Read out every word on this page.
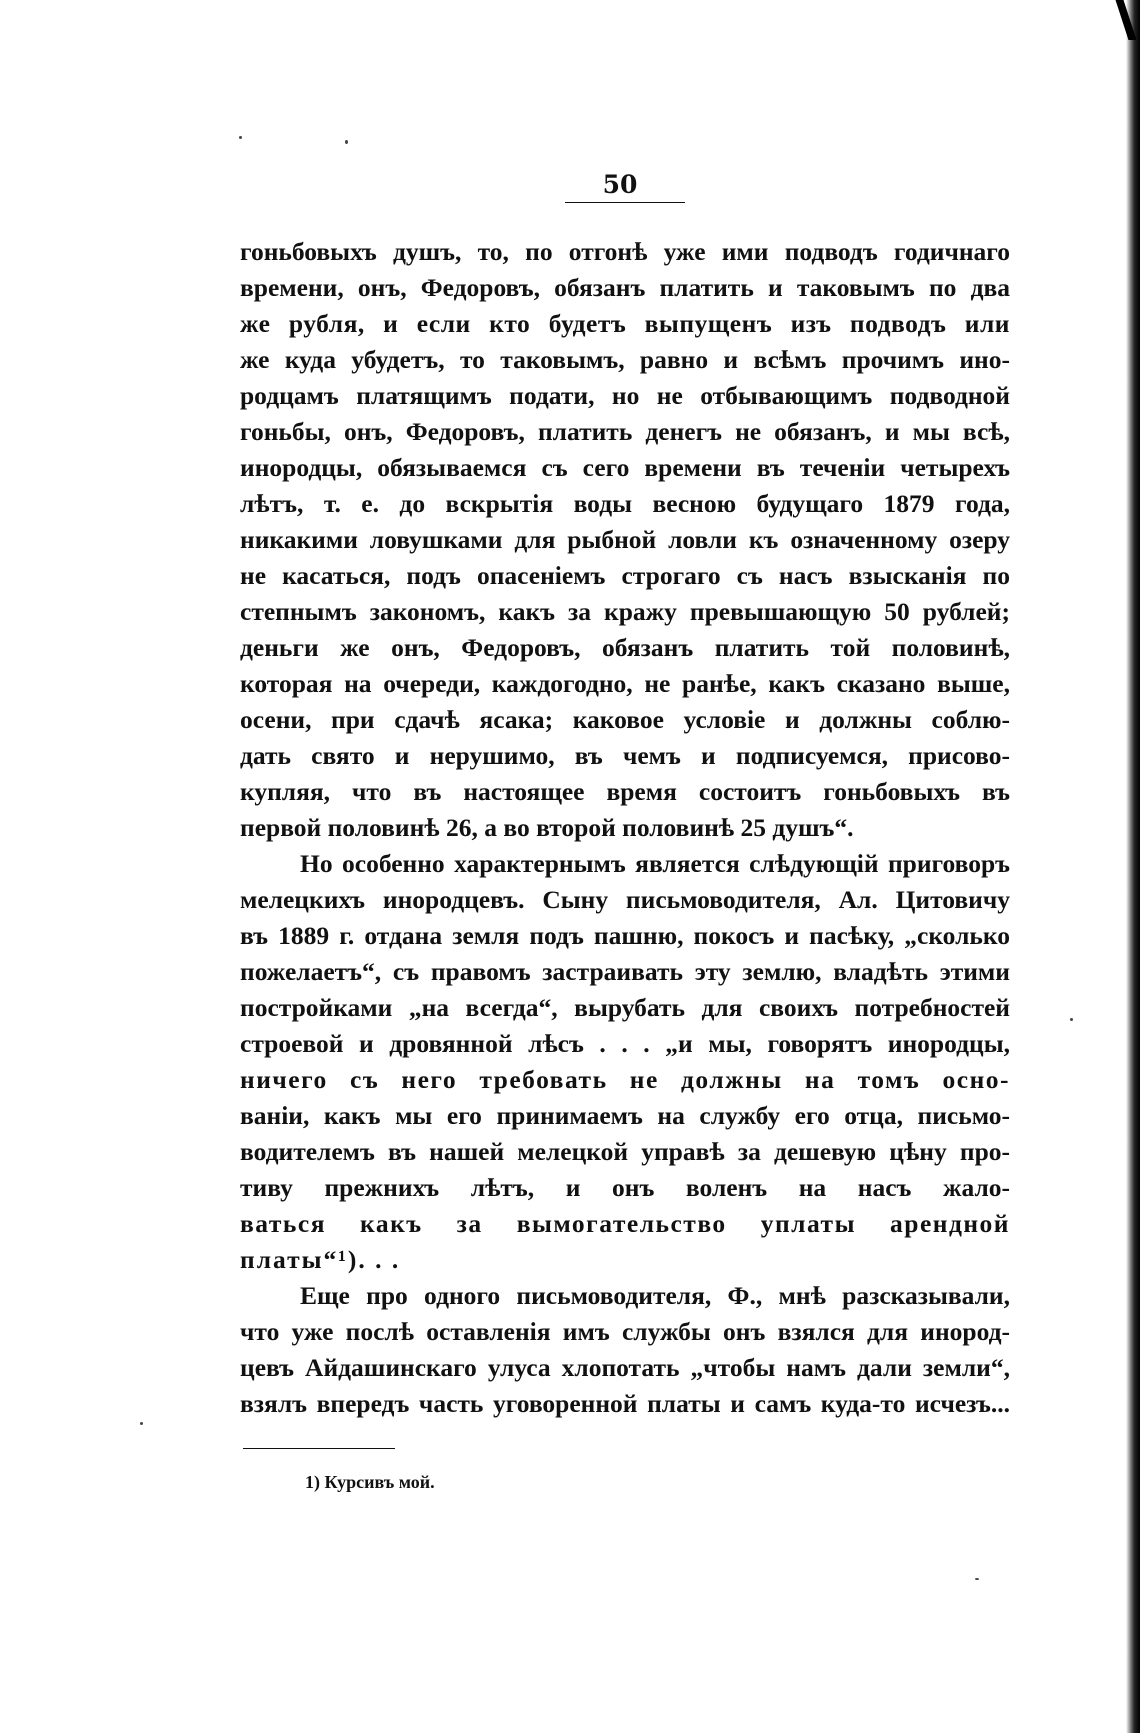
50
гоньбовыхъ душъ, то, по отгонѣ уже ими подводъ годичнаго
времени, онъ, Федоровъ, обязанъ платить и таковымъ по два
же рубля, и если кто будетъ выпущенъ изъ подводъ или
же куда убудетъ, то таковымъ, равно и всѣмъ прочимъ ино-
родцамъ платящимъ подати, но не отбывающимъ подводной
гоньбы, онъ, Федоровъ, платить денегъ не обязанъ, и мы всѣ,
инородцы, обязываемся съ сего времени въ теченіи четырехъ
лѣтъ, т. е. до вскрытія воды весною будущаго 1879 года,
никакими ловушками для рыбной ловли къ означенному озеру
не касаться, подъ опасеніемъ строгаго съ насъ взысканія по
степнымъ закономъ, какъ за кражу превышающую 50 рублей;
деньги же онъ, Федоровъ, обязанъ платить той половинѣ,
которая на очереди, каждогодно, не ранѣе, какъ сказано выше,
осени, при сдачѣ ясака; каковое условіе и должны соблю-
дать свято и нерушимо, въ чемъ и подписуемся, присово-
купляя, что въ настоящее время состоитъ гоньбовыхъ въ
первой половинѣ 26, а во второй половинѣ 25 душъ“.
Но особенно характернымъ является слѣдующій приговоръ
мелецкихъ инородцевъ. Сыну письмоводителя, Ал. Цитовичу
въ 1889 г. отдана земля подъ пашню, покосъ и пасѣку, „сколько
пожелаетъ“, съ правомъ застраивать эту землю, владѣть этими
постройками „на всегда“, вырубать для своихъ потребностей
строевой и дровянной лѣсъ . . . „и мы, говорятъ инородцы,
ничего съ него требовать не должны на томъ осно-
ваніи, какъ мы его принимаемъ на службу его отца, письмо-
водителемъ въ нашей мелецкой управѣ за дешевую цѣну про-
тиву прежнихъ лѣтъ, и онъ воленъ на насъ жало-
ваться какъ за вымогательство уплаты арендной
платы“¹). . .
Еще про одного письмоводителя, Ф., мнѣ разсказывали,
что уже послѣ оставленія имъ службы онъ взялся для инород-
цевъ Айдашинскаго улуса хлопотать „чтобы намъ дали земли“,
взялъ впередъ часть уговоренной платы и самъ куда-то исчезъ...
1) Курсивъ мой.
